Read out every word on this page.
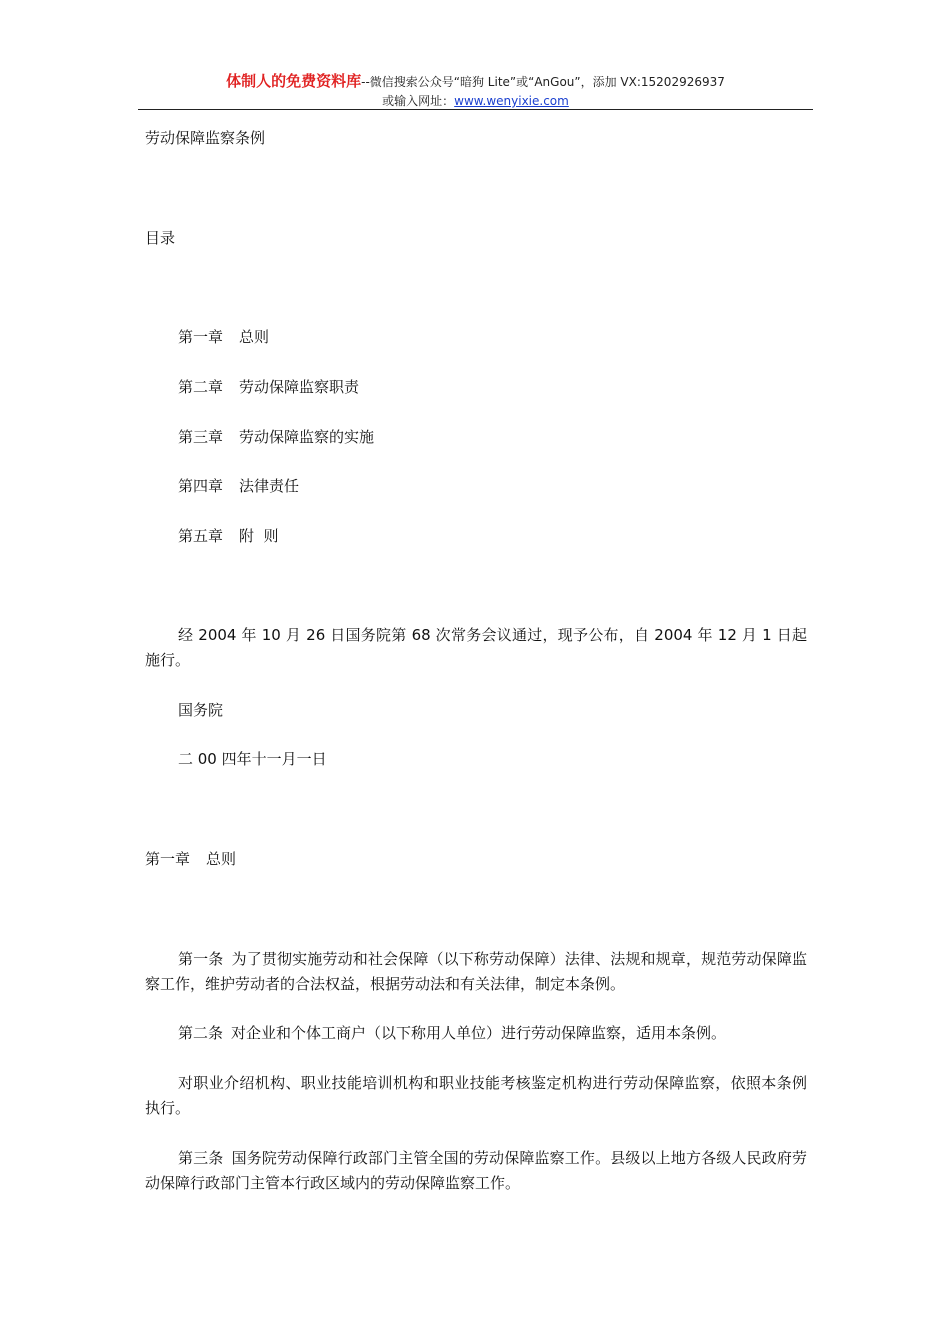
体制人的免费资料库--微信搜索公众号“暗狗 Lite”或“AnGou”，添加 VX:15202926937
或输入网址：www.wenyixie.com
劳动保障监察条例
目录
第一章 总则
第二章 劳动保障监察职责
第三章 劳动保障监察的实施
第四章 法律责任
第五章 附  则
经 2004 年 10 月 26 日国务院第 68 次常务会议通过，现予公布，自 2004 年 12 月 1 日起施行。
国务院
二 00 四年十一月一日
第一章 总则
第一条 为了贯彻实施劳动和社会保障（以下称劳动保障）法律、法规和规章，规范劳动保障监察工作，维护劳动者的合法权益，根据劳动法和有关法律，制定本条例。
第二条 对企业和个体工商户（以下称用人单位）进行劳动保障监察，适用本条例。
对职业介绍机构、职业技能培训机构和职业技能考核鉴定机构进行劳动保障监察，依照本条例执行。
第三条 国务院劳动保障行政部门主管全国的劳动保障监察工作。县级以上地方各级人民政府劳动保障行政部门主管本行政区域内的劳动保障监察工作。
